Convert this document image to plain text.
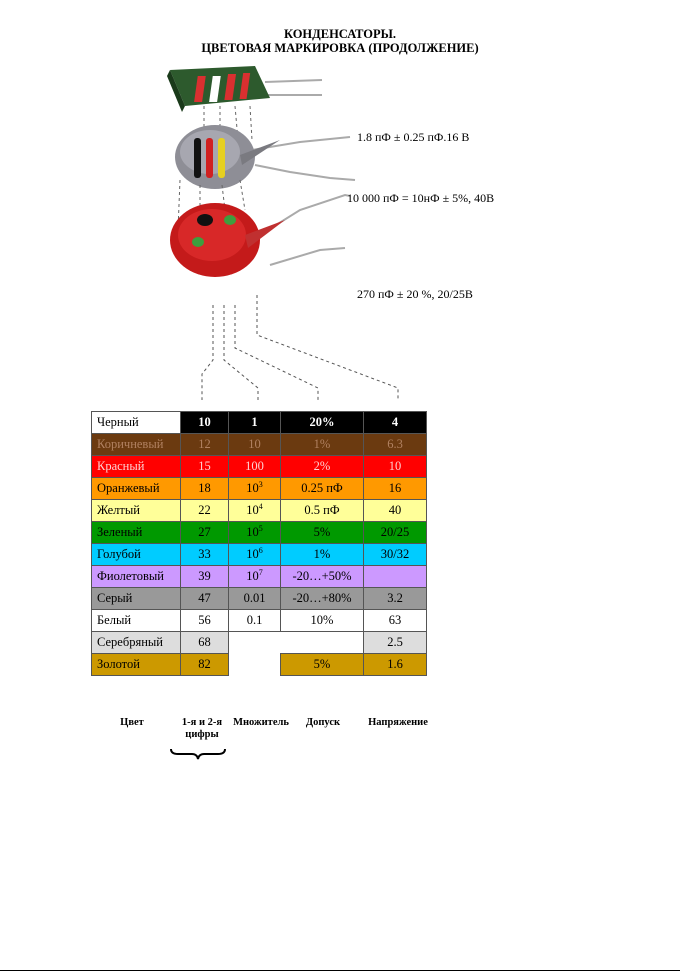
КОНДЕНСАТОРЫ.
ЦВЕТОВАЯ МАРКИРОВКА (ПРОДОЛЖЕНИЕ)
1.8 пФ ± 0.25 пФ.16 В
10 000 пФ = 10нФ ± 5%, 40В
270 пФ ± 20 %, 20/25В
Черный	10	1	20%	4
Коричневый	12	10	1%	6.3
Красный	15	100	2%	10
Оранжевый	18	$10^3$	0.25 пФ	16
Желтый	22	$10^4$	0.5 пФ	40
Зеленый	27	$10^5$	5%	20/25
Голубой	33	$10^6$	1%	30/32
Фиолетовый	39	$10^7$	-20…+50%	
Серый	47	0.01	-20…+80%	3.2
Белый	56	0.1	10%	63
Серебряный	68			2.5
Золотой	82		5%	1.6
Цвет	1-я и 2-я цифры
Множитель	Допуск	Напряжение
